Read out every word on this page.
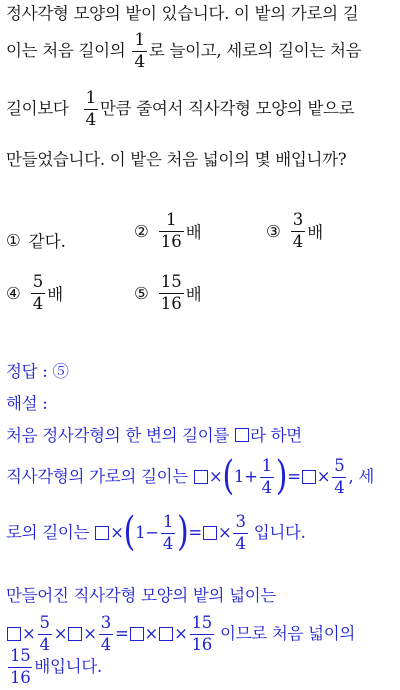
정사각형 모양의 밭이 있습니다. 이 밭의 가로의 길
이는 처음 길이의 $\frac{1}{4}$ 로 늘이고, 세로의 길이는 처음
길이보다 $\frac{1}{4}$ 만큼 줄여서 직사각형 모양의 밭으로
만들었습니다. 이 밭은 처음 넓이의 몇 배입니까?
① 같다.
② $\frac{1}{16}$ 배	③ $\frac{3}{4}$ 배
④ $\frac{5}{4}$ 배	⑤ $\frac{15}{16}$ 배
정답 : ⑤
해설 :
처음 정사각형의 한 변의 길이를 라 하면
직사각형의 가로의 길이는 × ( $1 + \frac{1}{4}$ ) = × $\frac{5}{4}$ , 세
로의 길이는 × ( $1 - \frac{1}{4}$ ) = × $\frac{3}{4}$ 입니다.
만들어진 직사각형 모양의 밭의 넓이는
× $\frac{5}{4}$ × × $\frac{3}{4}$ = × × $\frac{15}{16}$ 이므로 처음 넓이의
$\frac{15}{16}$ 배입니다.
